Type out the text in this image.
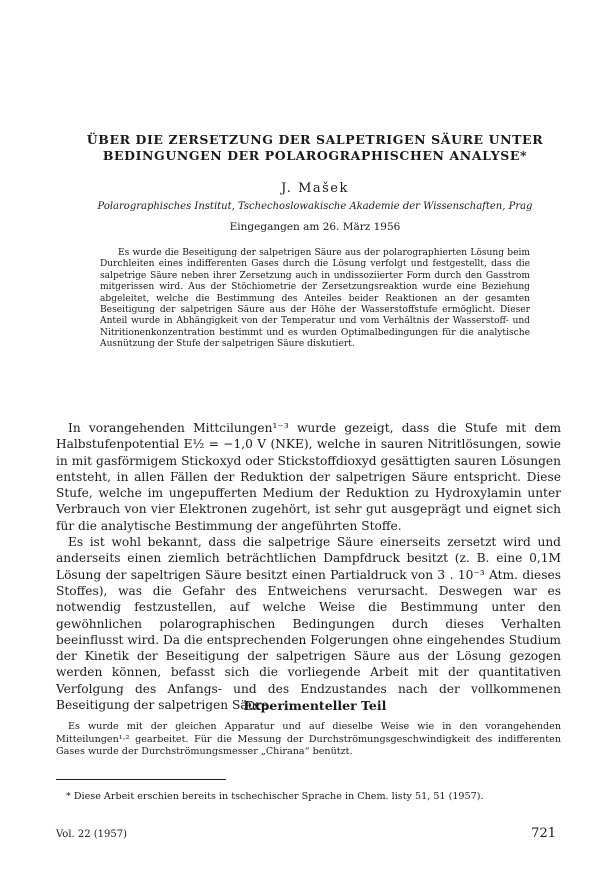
ÜBER DIE ZERSETZUNG DER SALPETRIGEN SÄURE UNTER
BEDINGUNGEN DER POLAROGRAPHISCHEN ANALYSE*
J. Mašek
Polarographisches Institut, Tschechoslowakische Akademie der Wissenschaften, Prag
Eingegangen am 26. März 1956
Es wurde die Beseitigung der salpetrigen Säure aus der polarographierten Lösung beim Durchleiten eines indifferenten Gases durch die Lösung verfolgt und festgestellt, dass die salpetrige Säure neben ihrer Zersetzung auch in undissoziierter Form durch den Gasstrom mitgerissen wird. Aus der Stöchiometrie der Zersetzungsreaktion wurde eine Beziehung abgeleitet, welche die Bestimmung des Anteiles beider Reaktionen an der gesamten Beseitigung der salpetrigen Säure aus der Höhe der Wasserstoffstufe ermöglicht. Dieser Anteil wurde in Abhängigkeit von der Temperatur und vom Verhältnis der Wasserstoff- und Nitritionenkonzentration bestimmt und es wurden Optimalbedingungen für die analytische Ausnützung der Stufe der salpetrigen Säure diskutiert.

In vorangehenden Mittcilungen¹⁻³ wurde gezeigt, dass die Stufe mit dem Halbstufenpotential E½ = −1,0 V (NKE), welche in sauren Nitritlösungen, sowie in mit gasförmigem Stickoxyd oder Stickstoffdioxyd gesättigten sauren Lösungen entsteht, in allen Fällen der Reduktion der salpetrigen Säure entspricht. Diese Stufe, welche im ungepufferten Medium der Reduktion zu Hydroxylamin unter Verbrauch von vier Elektronen zugehört, ist sehr gut ausgeprägt und eignet sich für die analytische Bestimmung der angeführten Stoffe.

Es ist wohl bekannt, dass die salpetrige Säure einerseits zersetzt wird und anderseits einen ziemlich beträchtlichen Dampfdruck besitzt (z. B. eine 0,1M Lösung der sapeltrigen Säure besitzt einen Partialdruck von 3 . 10⁻³ Atm. dieses Stoffes), was die Gefahr des Entweichens verursacht. Deswegen war es notwendig festzustellen, auf welche Weise die Bestimmung unter den gewöhnlichen polarographischen Bedingungen durch dieses Verhalten beeinflusst wird. Da die entsprechenden Folgerungen ohne eingehendes Studium der Kinetik der Beseitigung der salpetrigen Säure aus der Lösung gezogen werden können, befasst sich die vorliegende Arbeit mit der quantitativen Verfolgung des Anfangs- und des Endzustandes nach der vollkommenen Beseitigung der salpetrigen Säure.

Experimenteller Teil
Es wurde mit der gleichen Apparatur und auf dieselbe Weise wie in den vorangehenden Mitteilungen¹·² gearbeitet. Für die Messung der Durchströmungsgeschwindigkeit des indifferenten Gases wurde der Durchströmungsmesser „Chirana“ benützt.
* Diese Arbeit erschien bereits in tschechischer Sprache in Chem. listy 51, 51 (1957).
Vol. 22 (1957)	721
